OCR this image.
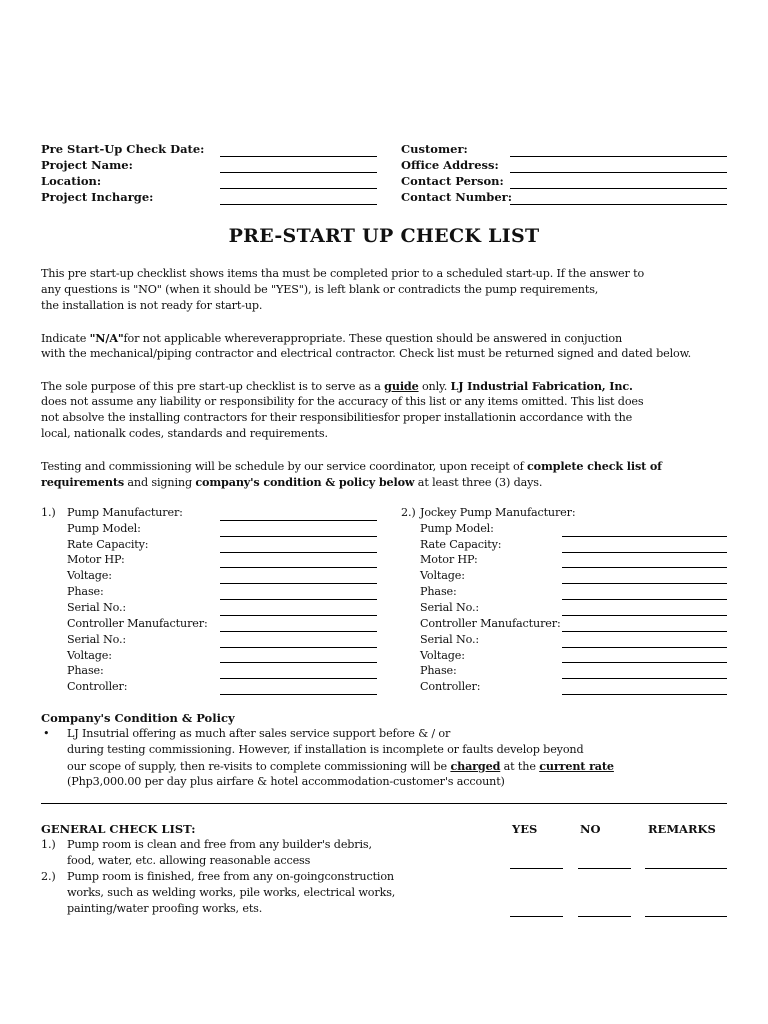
Pre Start-Up Check Date:
Project Name:
Location:
Project Incharge:
Customer:
Office Address:
Contact Person:
Contact Number:
PRE-START UP CHECK LIST
This pre start-up checklist shows items tha must be completed prior to a scheduled start-up. If the answer to
any questions is "NO" (when it should be "YES"), is left blank or contradicts the pump requirements,
the installation is not ready for start-up.
Indicate "N/A"for not applicable whereverappropriate. These question should be answered in conjuction
with the mechanical/piping contractor and electrical contractor. Check list must be returned signed and dated below.
The sole purpose of this pre start-up checklist is to serve as a guide only. LJ Industrial Fabrication, Inc.
does not assume any liability or responsibility for the accuracy of this list or any items omitted. This list does
not absolve the installing contractors for their responsibilitiesfor proper installationin accordance with the
local, nationalk codes, standards and requirements.
Testing and commissioning will be schedule by our service coordinator, upon receipt of complete check list of
requirements and signing company's condition & policy below at least three (3) days.
1.) Pump Manufacturer:
Pump Model:
Rate Capacity:
Motor HP:
Voltage:
Phase:
Serial No.:
Controller Manufacturer:
Serial No.:
Voltage:
Phase:
Controller:
2.) Jockey Pump Manufacturer:
Pump Model:
Rate Capacity:
Motor HP:
Voltage:
Phase:
Serial No.:
Controller Manufacturer:
Serial No.:
Voltage:
Phase:
Controller:
Company's Condition & Policy
• LJ Insutrial offering as much after sales service support before & / or
during testing commissioning. However, if installation is incomplete or faults develop beyond
our scope of supply, then re-visits to complete commissioning will be charged at the current rate
(Php3,000.00 per day plus airfare & hotel accommodation-customer's account)
GENERAL CHECK LIST:	YES	NO	REMARKS
1.) Pump room is clean and free from any builder's debris,
food, water, etc. allowing reasonable access
2.) Pump room is finished, free from any on-goingconstruction
works, such as welding works, pile works, electrical works,
painting/water proofing works, ets.
